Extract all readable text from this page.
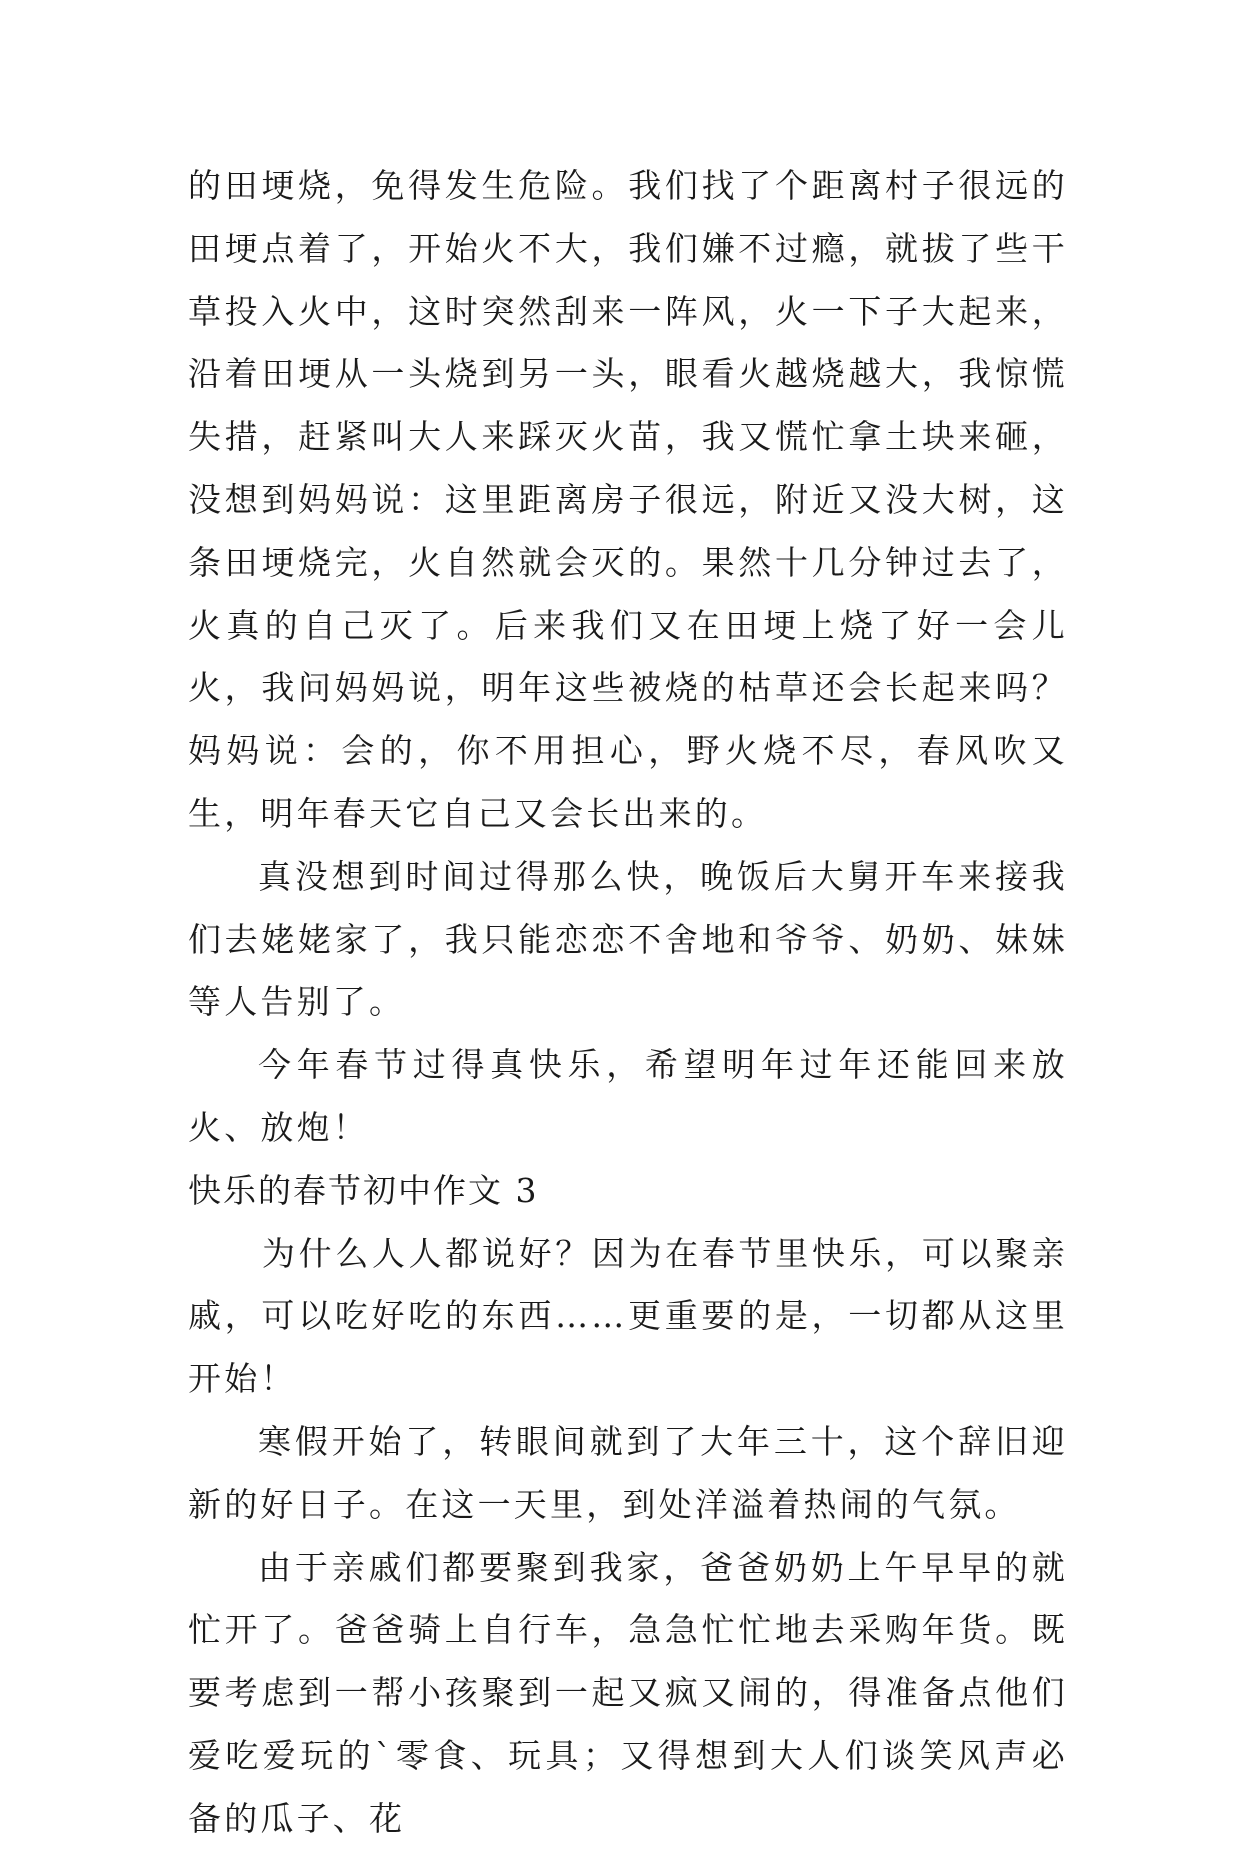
的田埂烧，免得发生危险。我们找了个距离村子很远的田埂点着了，开始火不大，我们嫌不过瘾，就拔了些干草投入火中，这时突然刮来一阵风，火一下子大起来，沿着田埂从一头烧到另一头，眼看火越烧越大，我惊慌失措，赶紧叫大人来踩灭火苗，我又慌忙拿土块来砸，没想到妈妈说：这里距离房子很远，附近又没大树，这条田埂烧完，火自然就会灭的。果然十几分钟过去了，火真的自己灭了。后来我们又在田埂上烧了好一会儿火，我问妈妈说，明年这些被烧的枯草还会长起来吗？妈妈说：会的，你不用担心，野火烧不尽，春风吹又生，明年春天它自己又会长出来的。

真没想到时间过得那么快，晚饭后大舅开车来接我们去姥姥家了，我只能恋恋不舍地和爷爷、奶奶、妹妹等人告别了。

今年春节过得真快乐，希望明年过年还能回来放火、放炮！

快乐的春节初中作文 3

为什么人人都说好？因为在春节里快乐，可以聚亲戚，可以吃好吃的东西……更重要的是，一切都从这里开始！

寒假开始了，转眼间就到了大年三十，这个辞旧迎新的好日子。在这一天里，到处洋溢着热闹的气氛。

由于亲戚们都要聚到我家，爸爸奶奶上午早早的就忙开了。爸爸骑上自行车，急急忙忙地去采购年货。既要考虑到一帮小孩聚到一起又疯又闹的，得准备点他们爱吃爱玩的`零食、玩具；又得想到大人们谈笑风声必备的瓜子、花
